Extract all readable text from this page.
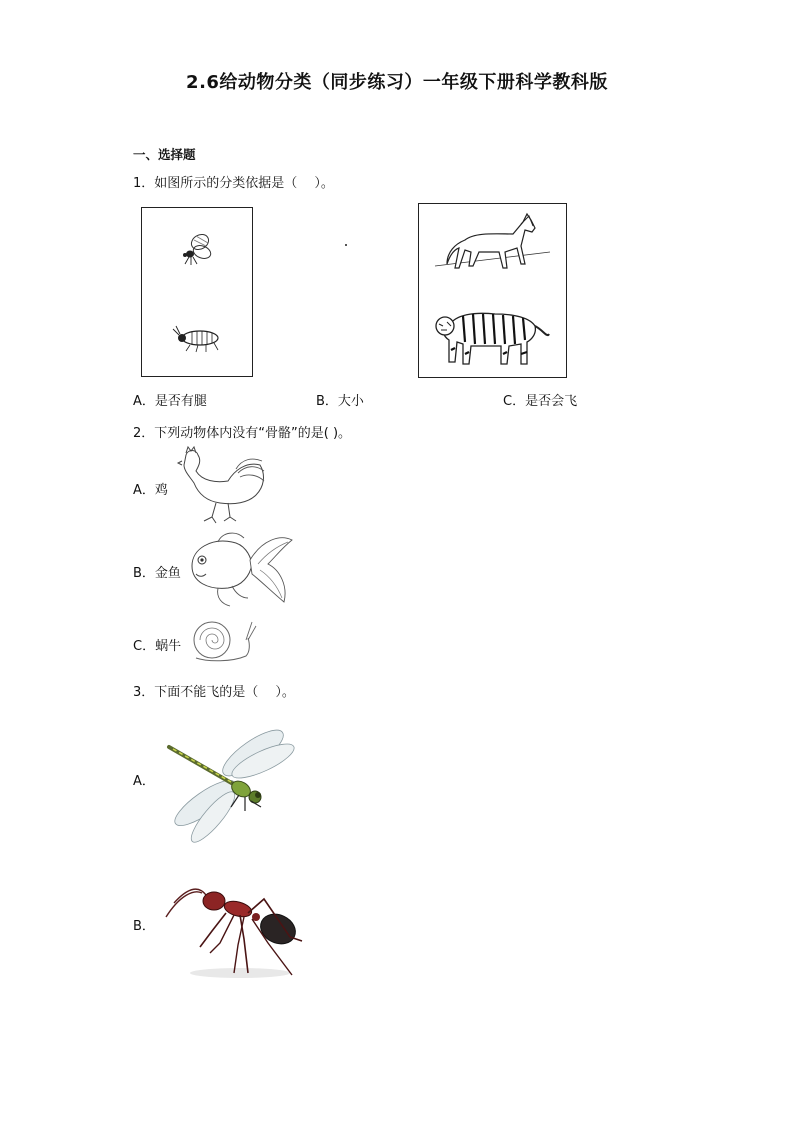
2.6给动物分类（同步练习）一年级下册科学教科版
一、选择题
1．如图所示的分类依据是（　 ）。
A．是否有腿	B．大小	C．是否会飞
2．下列动物体内没有“骨骼”的是( )。
A．鸡
B．金鱼
C．蜗牛
3．下面不能飞的是（　 ）。
A．
B．
